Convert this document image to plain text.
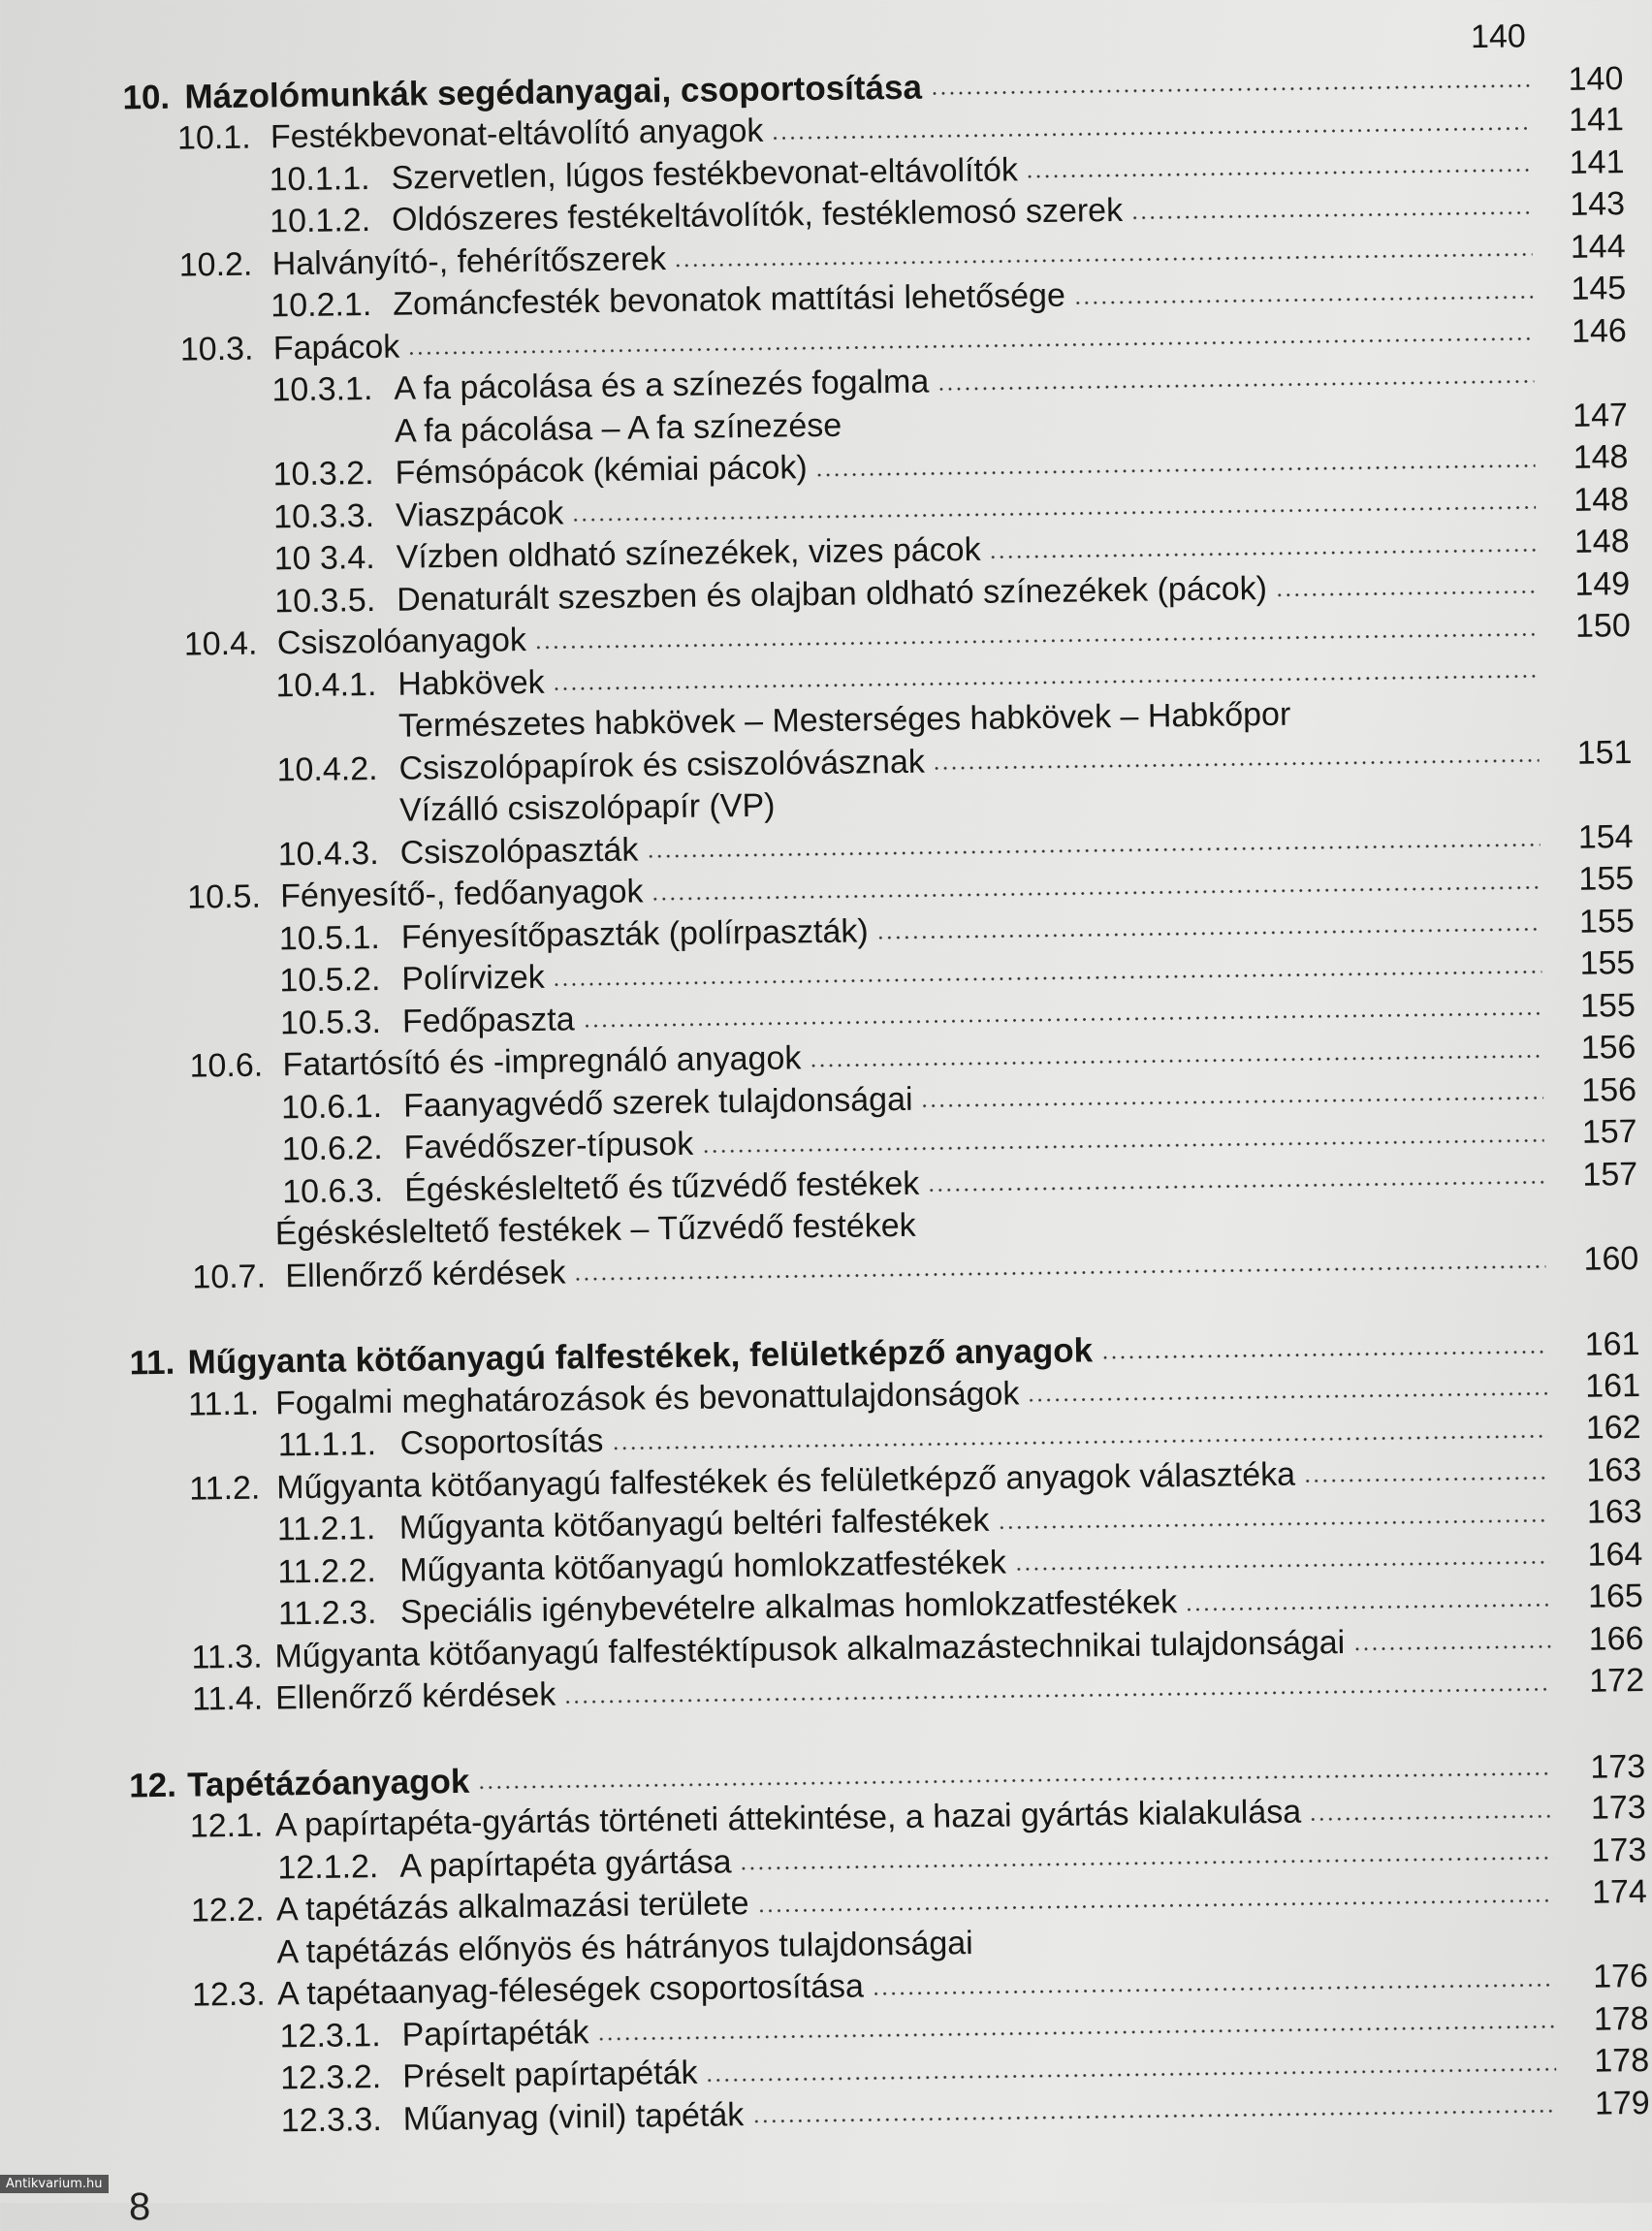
140
10. Mázolómunkák segédanyagai, csoportosítása	140
10.1. Festékbevonat-eltávolító anyagok	141
10.1.1. Szervetlen, lúgos festékbevonat-eltávolítók	141
10.1.2. Oldószeres festékeltávolítók, festéklemosó szerek	143
10.2. Halványító-, fehérítőszerek	144
10.2.1. Zománcfesték bevonatok mattítási lehetősége	145
10.3. Fapácok	146
10.3.1. A fa pácolása és a színezés fogalma
A fa pácolása – A fa színezése	147
10.3.2. Fémsópácok (kémiai pácok)	148
10.3.3. Viaszpácok	148
10 3.4. Vízben oldható színezékek, vizes pácok	148
10.3.5. Denaturált szeszben és olajban oldható színezékek (pácok)	149
10.4. Csiszolóanyagok	150
10.4.1. Habkövek
Természetes habkövek – Mesterséges habkövek – Habkőpor
10.4.2. Csiszolópapírok és csiszolóvásznak	151
Vízálló csiszolópapír (VP)
10.4.3. Csiszolópaszták	154
10.5. Fényesítő-, fedőanyagok	155
10.5.1. Fényesítőpaszták (polírpaszták)	155
10.5.2. Polírvizek	155
10.5.3. Fedőpaszta	155
10.6. Fatartósító és -impregnáló anyagok	156
10.6.1. Faanyagvédő szerek tulajdonságai	156
10.6.2. Favédőszer-típusok	157
10.6.3. Égéskésleltető és tűzvédő festékek	157
Égéskésleltető festékek – Tűzvédő festékek
10.7. Ellenőrző kérdések	160
11. Műgyanta kötőanyagú falfestékek, felületképző anyagok	161
11.1. Fogalmi meghatározások és bevonattulajdonságok	161
11.1.1. Csoportosítás	162
11.2. Műgyanta kötőanyagú falfestékek és felületképző anyagok választéka	163
11.2.1. Műgyanta kötőanyagú beltéri falfestékek	163
11.2.2. Műgyanta kötőanyagú homlokzatfestékek	164
11.2.3. Speciális igénybevételre alkalmas homlokzatfestékek	165
11.3. Műgyanta kötőanyagú falfestéktípusok alkalmazástechnikai tulajdonságai	166
11.4. Ellenőrző kérdések	172
12. Tapétázóanyagok	173
12.1. A papírtapéta-gyártás történeti áttekintése, a hazai gyártás kialakulása	173
12.1.2. A papírtapéta gyártása	173
12.2. A tapétázás alkalmazási területe	174
A tapétázás előnyös és hátrányos tulajdonságai
12.3. A tapétaanyag-féleségek csoportosítása	176
12.3.1. Papírtapéták	178
12.3.2. Préselt papírtapéták	178
12.3.3. Műanyag (vinil) tapéták	179
8
Antikvarium.hu
